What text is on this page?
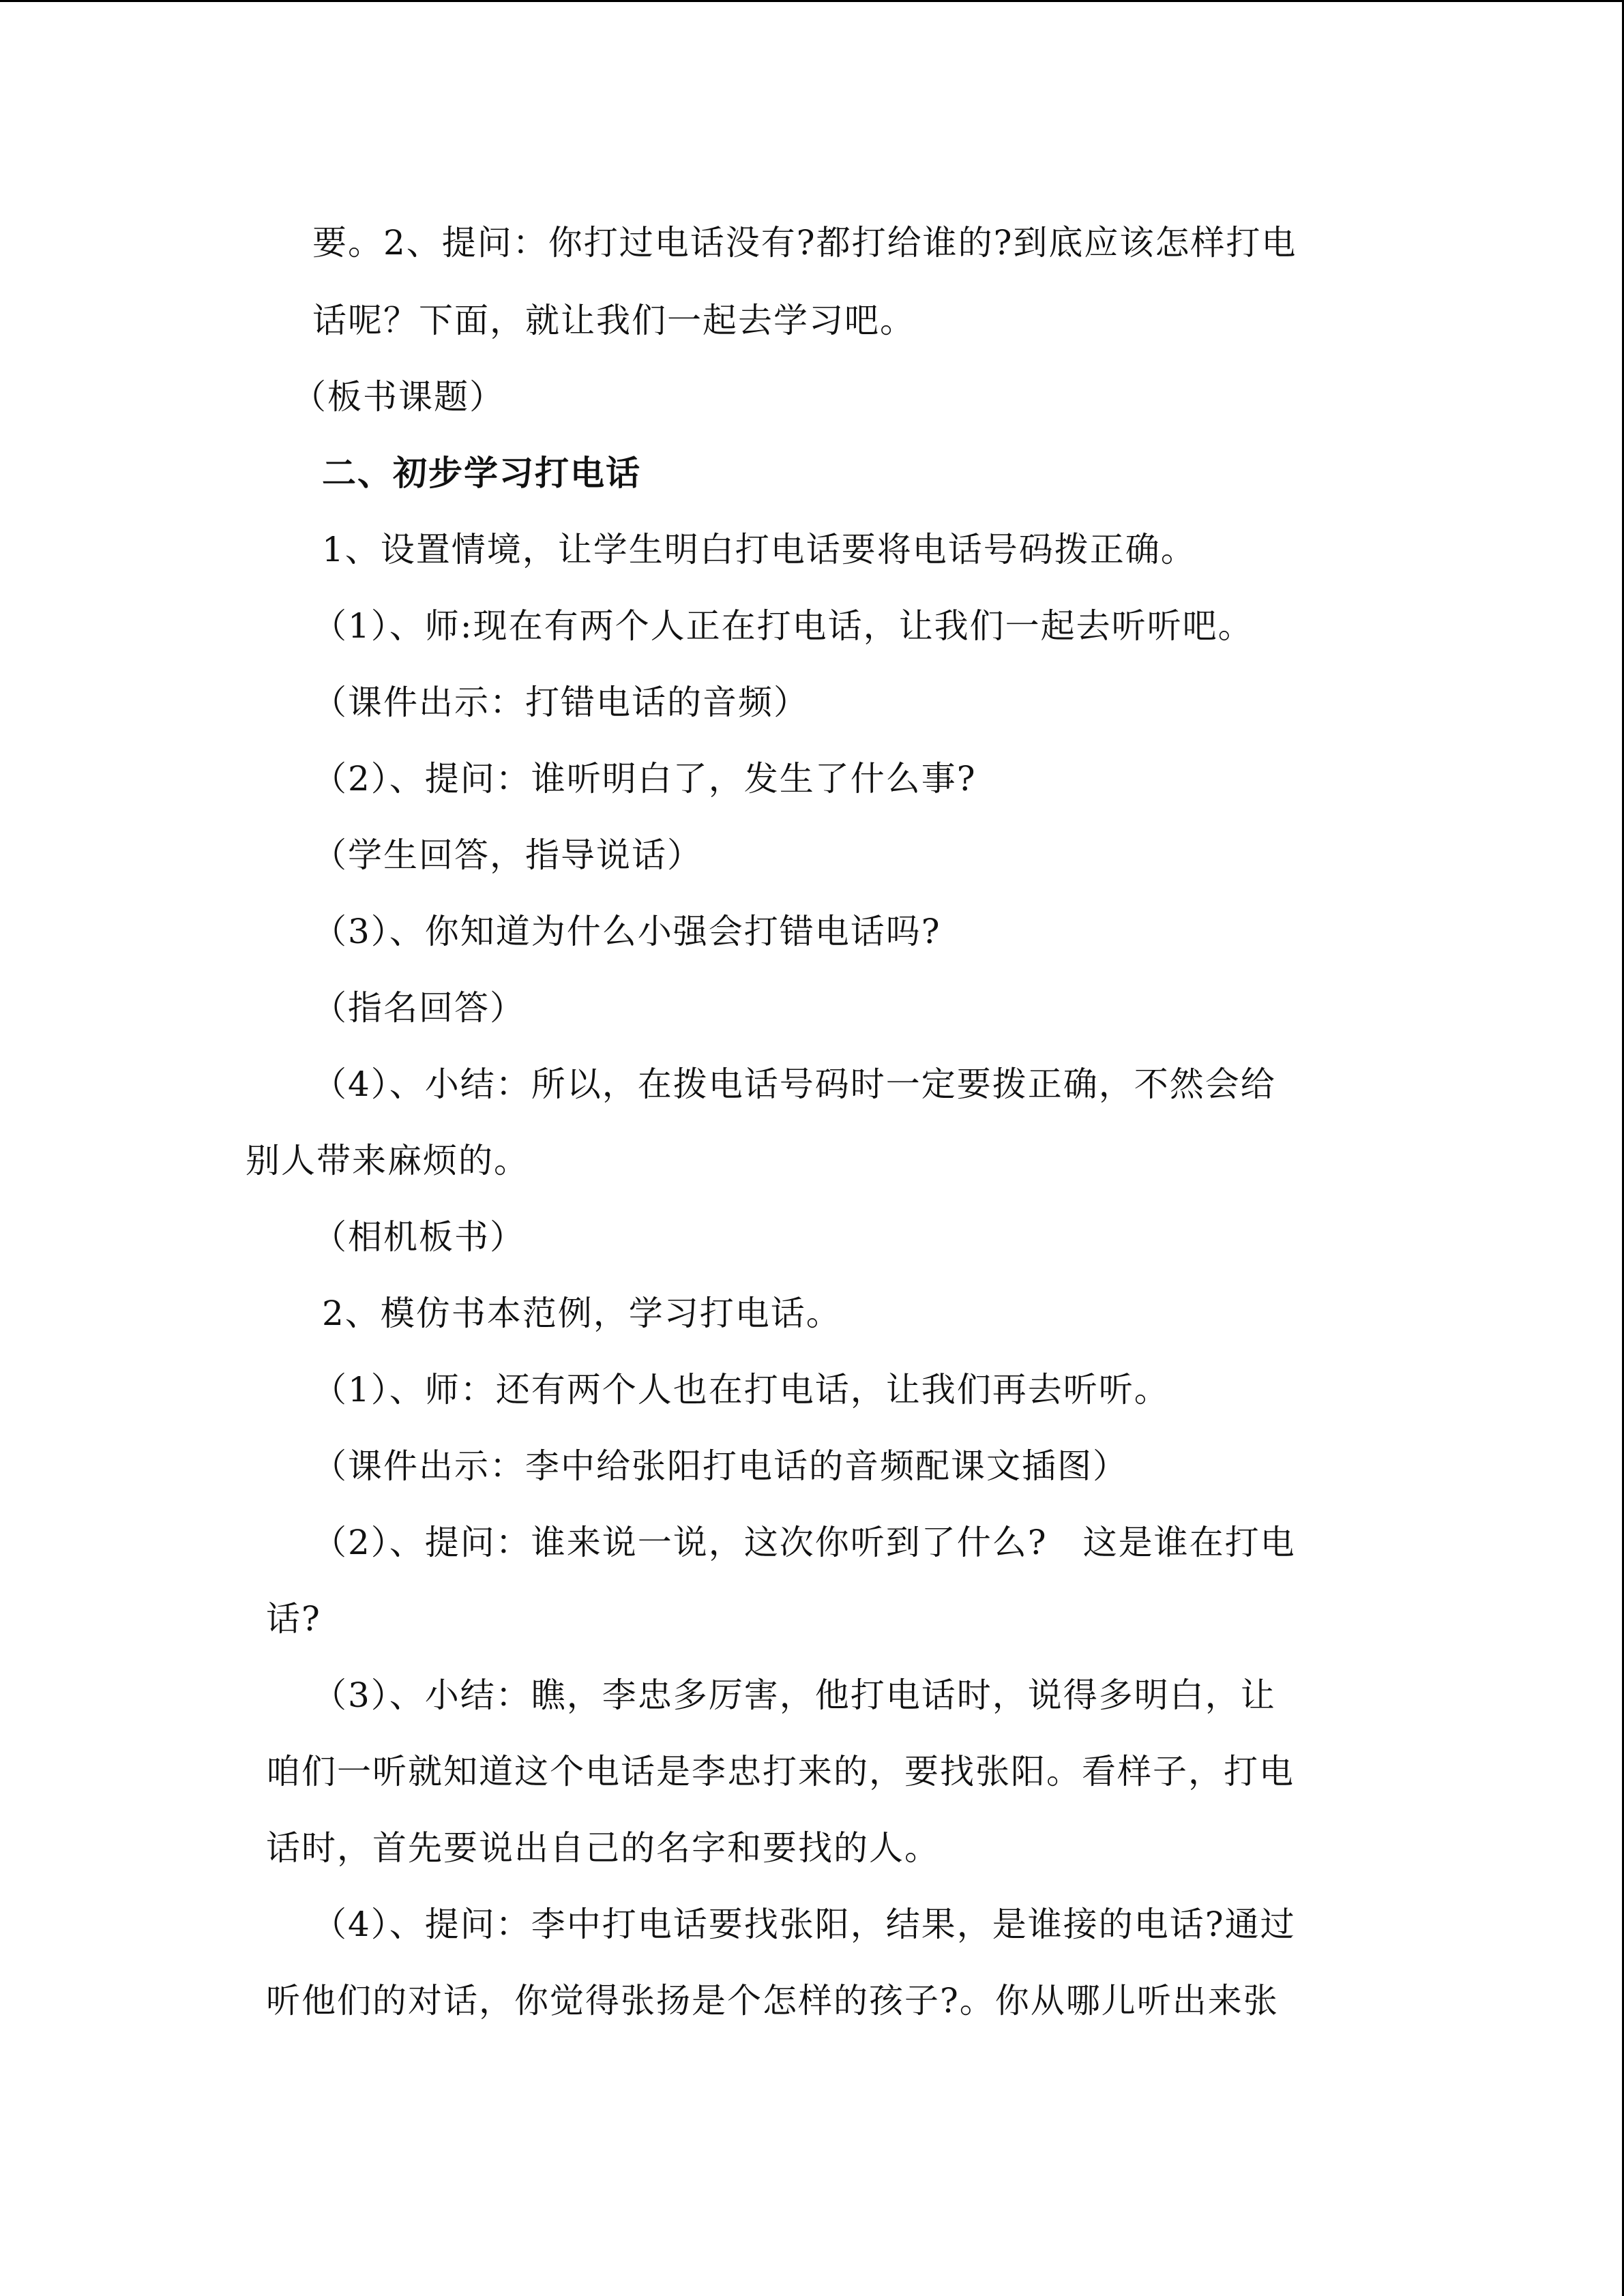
要。2、提问：你打过电话没有?都打给谁的?到底应该怎样打电
话呢？下面，就让我们一起去学习吧。
（板书课题）
二、初步学习打电话
1、设置情境，让学生明白打电话要将电话号码拨正确。
（1）、师:现在有两个人正在打电话，让我们一起去听听吧。
（课件出示：打错电话的音频）
（2）、提问：谁听明白了，发生了什么事?
（学生回答，指导说话）
（3）、你知道为什么小强会打错电话吗?
（指名回答）
（4）、小结：所以，在拨电话号码时一定要拨正确，不然会给
别人带来麻烦的。
（相机板书）
2、模仿书本范例，学习打电话。
（1）、师：还有两个人也在打电话，让我们再去听听。
（课件出示：李中给张阳打电话的音频配课文插图）
（2）、提问：谁来说一说，这次你听到了什么?　这是谁在打电
话?
（3）、小结：瞧，李忠多厉害，他打电话时，说得多明白，让
咱们一听就知道这个电话是李忠打来的，要找张阳。看样子，打电
话时，首先要说出自己的名字和要找的人。
（4）、提问：李中打电话要找张阳，结果，是谁接的电话?通过
听他们的对话，你觉得张扬是个怎样的孩子?。你从哪儿听出来张
